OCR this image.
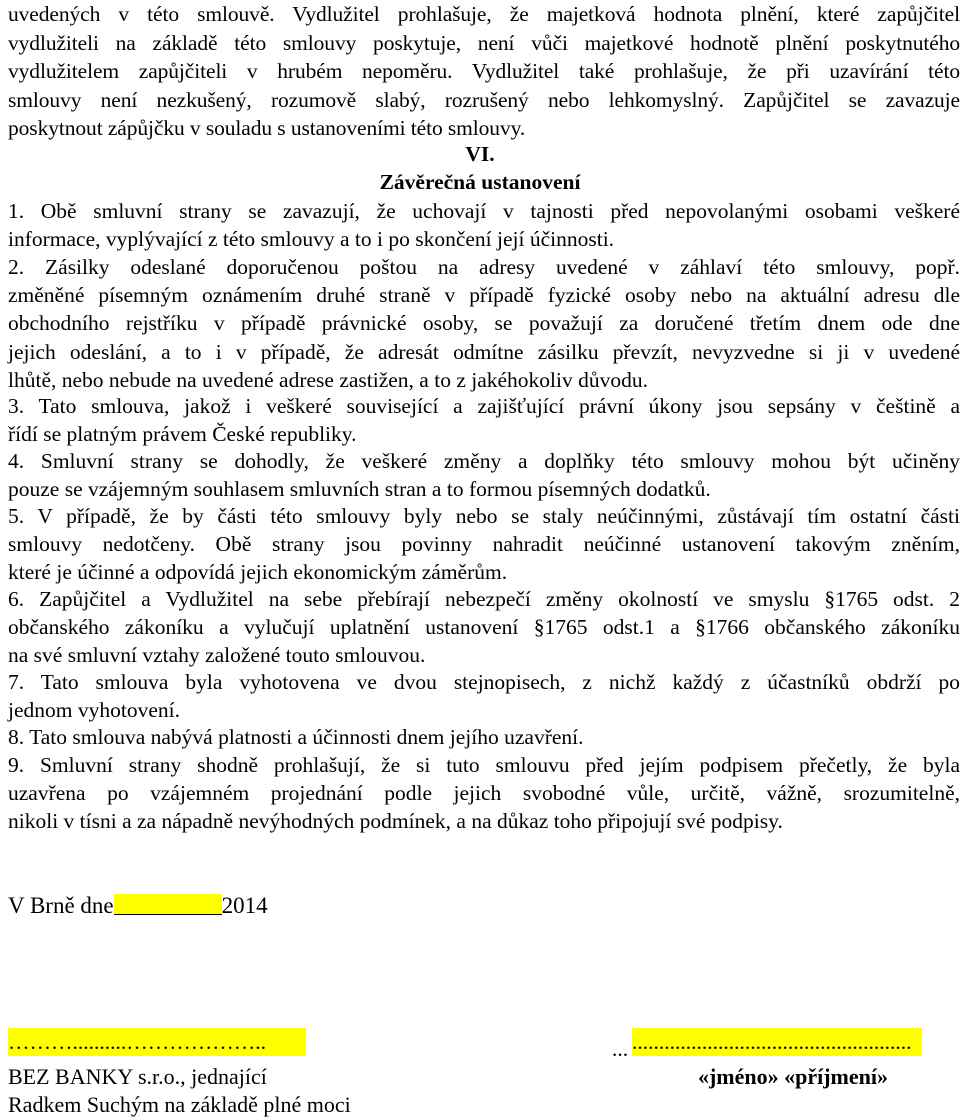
uvedených v této smlouvě. Vydlužitel prohlašuje, že majetková hodnota plnění, které zapůjčitel
vydlužiteli na základě této smlouvy poskytuje, není vůči majetkové hodnotě plnění poskytnutého
vydlužitelem zapůjčiteli v hrubém nepoměru. Vydlužitel také prohlašuje, že při uzavírání této
smlouvy není nezkušený, rozumově slabý, rozrušený nebo lehkomyslný. Zapůjčitel se zavazuje
poskytnout zápůjčku v souladu s ustanoveními této smlouvy.
VI.
Závěrečná ustanovení
1. Obě smluvní strany se zavazují, že uchovají v tajnosti před nepovolanými osobami veškeré
informace, vyplývající z této smlouvy a to i po skončení její účinnosti.
2. Zásilky odeslané doporučenou poštou na adresy uvedené v záhlaví této smlouvy, popř.
změněné písemným oznámením druhé straně v případě fyzické osoby nebo na aktuální adresu dle
obchodního rejstříku v případě právnické osoby, se považují za doručené třetím dnem ode dne
jejich odeslání, a to i v případě, že adresát odmítne zásilku převzít, nevyzvedne si ji v uvedené
lhůtě, nebo nebude na uvedené adrese zastižen, a to z jakéhokoliv důvodu.
3. Tato smlouva, jakož i veškeré související a zajišťující právní úkony jsou sepsány v češtině a
řídí se platným právem České republiky.
4. Smluvní strany se dohodly, že veškeré změny a doplňky této smlouvy mohou být učiněny
pouze se vzájemným souhlasem smluvních stran a to formou písemných dodatků.
5. V případě, že by části této smlouvy byly nebo se staly neúčinnými, zůstávají tím ostatní části
smlouvy nedotčeny. Obě strany jsou povinny nahradit neúčinné ustanovení takovým zněním,
které je účinné a odpovídá jejich ekonomickým záměrům.
6. Zapůjčitel a Vydlužitel na sebe přebírají nebezpečí změny okolností ve smyslu §1765 odst. 2
občanského zákoníku a vylučují uplatnění ustanovení §1765 odst.1 a §1766 občanského zákoníku
na své smluvní vztahy založené touto smlouvou.
7. Tato smlouva byla vyhotovena ve dvou stejnopisech, z nichž každý z účastníků obdrží po
jednom vyhotovení.
8. Tato smlouva nabývá platnosti a účinnosti dnem jejího uzavření.
9. Smluvní strany shodně prohlašují, že si tuto smlouvu před jejím podpisem přečetly, že byla
uzavřena po vzájemném projednání podle jejich svobodné vůle, určitě, vážně, srozumitelně,
nikoli v tísni a za nápadně nevýhodných podmínek, a na důkaz toho připojují své podpisy.
V Brně dne	2014
………..........………………..
BEZ BANKY s.r.o., jednající
Radkem Suchým na základě plné moci
... ....................................................
«jméno» «příjmení»
